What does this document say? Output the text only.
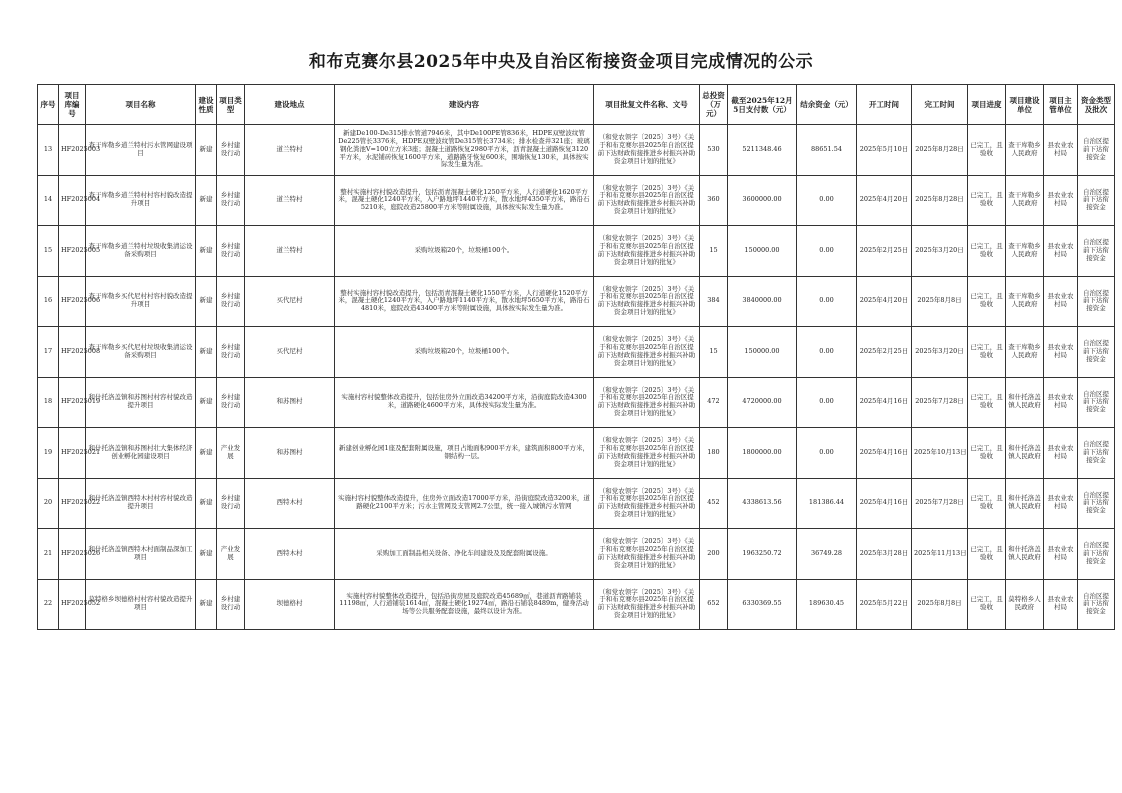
和布克赛尔县2025年中央及自治区衔接资金项目完成情况的公示
序号	项目库编号	项目名称	建设性质	项目类型	建设地点	建设内容	项目批复文件名称、文号	总投资（万元）	截至2025年12月5日支付数（元）	结余资金（元）	开工时间	完工时间	项目进度	项目建设单位	项目主管单位	资金类型及批次
13	HF2025003	查干库勒乡道兰特村污水管网建设项目	新建	乡村建设行动	道兰特村	新建De100-De315排水管道7946米，其中De100PE管836米，HDPE双壁波纹管De225管长3376米，HDPE双壁波纹管De315管长3734米；排水检查井321座；玻璃钢化粪池V=100立方米3座；混凝土道路恢复2980平方米，沥青混凝土道路恢复3120平方米，水泥铺砖恢复1600平方米，道路路牙恢复600米，围墙恢复130米，具体按实际发生量为准。	（和党农领字〔2025〕3号）《关于和布克赛尔县2025年自治区提前下达财政衔接推进乡村振兴补助资金项目计划的批复》	530	5211348.46	88651.54	2025年5月10日	2025年8月28日	已完工，且验收	查干库勒乡人民政府	县农业农村局	自治区提前下达衔接资金
14	HF2025004	查干库勒乡道兰特村村容村貌改造提升项目	新建	乡村建设行动	道兰特村	整村实施村容村貌改造提升，包括沥青混凝土硬化1250平方米，人行道硬化1620平方米，混凝土硬化1240平方米，入户路地坪1440平方米，散水地坪4350平方米，路沿石5210米，庭院改造25800平方米等附属设施，具体按实际发生量为准。	（和党农领字〔2025〕3号）《关于和布克赛尔县2025年自治区提前下达财政衔接推进乡村振兴补助资金项目计划的批复》	360	3600000.00	0.00	2025年4月20日	2025年8月28日	已完工，且验收	查干库勒乡人民政府	县农业农村局	自治区提前下达衔接资金
15	HF2025005	查干库勒乡道兰特村垃圾收集清运设备采购项目	新建	乡村建设行动	道兰特村	采购垃圾箱20个，垃圾桶100个。	（和党农领字〔2025〕3号）《关于和布克赛尔县2025年自治区提前下达财政衔接推进乡村振兴补助资金项目计划的批复》	15	150000.00	0.00	2025年2月25日	2025年3月20日	已完工，且验收	查干库勒乡人民政府	县农业农村局	自治区提前下达衔接资金
16	HF2025006	查干库勒乡买代尼村村容村貌改造提升项目	新建	乡村建设行动	买代尼村	整村实施村容村貌改造提升，包括沥青混凝土硬化1550平方米，人行道硬化1520平方米，混凝土硬化1240平方米，入户路地坪1140平方米，散水地坪5650平方米，路沿石4810米，庭院改造43400平方米等附属设施，具体按实际发生量为准。	（和党农领字〔2025〕3号）《关于和布克赛尔县2025年自治区提前下达财政衔接推进乡村振兴补助资金项目计划的批复》	384	3840000.00	0.00	2025年4月20日	2025年8月8日	已完工，且验收	查干库勒乡人民政府	县农业农村局	自治区提前下达衔接资金
17	HF2025008	查干库勒乡买代尼村垃圾收集清运设备采购项目	新建	乡村建设行动	买代尼村	采购垃圾箱20个，垃圾桶100个。	（和党农领字〔2025〕3号）《关于和布克赛尔县2025年自治区提前下达财政衔接推进乡村振兴补助资金项目计划的批复》	15	150000.00	0.00	2025年2月25日	2025年3月20日	已完工，且验收	查干库勒乡人民政府	县农业农村局	自治区提前下达衔接资金
18	HF2025019	和什托洛盖镇和苏图村村容村貌改造提升项目	新建	乡村建设行动	和苏图村	实施村容村貌整体改造提升，包括住房外立面改造34200平方米，沿街庭院改造4300米，道路硬化4600平方米，具体按实际发生量为准。	（和党农领字〔2025〕3号）《关于和布克赛尔县2025年自治区提前下达财政衔接推进乡村振兴补助资金项目计划的批复》	472	4720000.00	0.00	2025年4月16日	2025年7月28日	已完工，且验收	和什托洛盖镇人民政府	县农业农村局	自治区提前下达衔接资金
19	HF2025021	和什托洛盖镇和苏图村壮大集体经济创业孵化园建设项目	新建	产业发展	和苏图村	新建创业孵化园1座及配套附属设施，项目占地面积900平方米，建筑面积800平方米，钢结构一层。	（和党农领字〔2025〕3号）《关于和布克赛尔县2025年自治区提前下达财政衔接推进乡村振兴补助资金项目计划的批复》	180	1800000.00	0.00	2025年4月16日	2025年10月13日	已完工，且验收	和什托洛盖镇人民政府	县农业农村局	自治区提前下达衔接资金
20	HF2025022	和什托洛盖镇西特木村村容村貌改造提升项目	新建	乡村建设行动	西特木村	实施村容村貌整体改造提升，住房外立面改造17000平方米，沿街庭院改造3200米，道路硬化2100平方米；污水主管网及支管网2.7公里，统一接入城镇污水管网	（和党农领字〔2025〕3号）《关于和布克赛尔县2025年自治区提前下达财政衔接推进乡村振兴补助资金项目计划的批复》	452	4338613.56	181386.44	2025年4月16日	2025年7月28日	已完工，且验收	和什托洛盖镇人民政府	县农业农村局	自治区提前下达衔接资金
21	HF2025026	和什托洛盖镇西特木村面制品深加工项目	新建	产业发展	西特木村	采购加工面制品相关设备、净化车间建设及及配套附属设施。	（和党农领字〔2025〕3号）《关于和布克赛尔县2025年自治区提前下达财政衔接推进乡村振兴补助资金项目计划的批复》	200	1963250.72	36749.28	2025年3月28日	2025年11月13日	已完工，且验收	和什托洛盖镇人民政府	县农业农村局	自治区提前下达衔接资金
22	HF2025052	莫特格乡坝德格村村容村貌改造提升项目	新建	乡村建设行动	坝德格村	实施村容村貌整体改造提升，包括沿街房屋及庭院改造45689㎡，巷道沥青路铺装11198㎡，人行道铺装1614㎡，混凝土硬化19274㎡，路沿石铺装8489m，健身活动场等公共服务配套设施，最终以设计为准。	（和党农领字〔2025〕3号）《关于和布克赛尔县2025年自治区提前下达财政衔接推进乡村振兴补助资金项目计划的批复》	652	6330369.55	189630.45	2025年5月22日	2025年8月8日	已完工，且验收	莫特格乡人民政府	县农业农村局	自治区提前下达衔接资金
